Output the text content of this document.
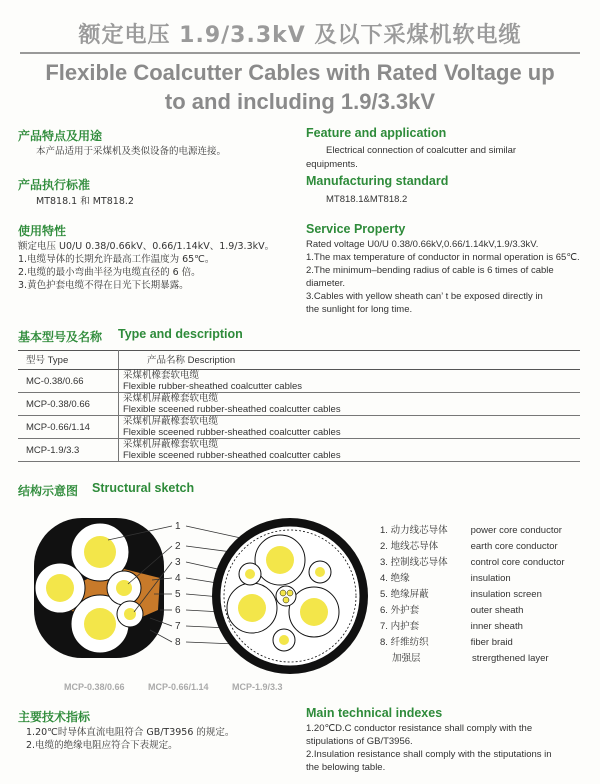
额定电压 1.9/3.3kV 及以下采煤机软电缆
Flexible Coalcutter Cables with Rated Voltage up
to and including 1.9/3.3kV
产品特点及用途
本产品适用于采煤机及类似设备的电源连接。
Feature and application
Electrical connection of coalcutter and similar
equipments.
产品执行标准
MT818.1 和 MT818.2
Manufacturing standard
MT818.1&MT818.2
使用特性
额定电压 U0/U 0.38/0.66kV、0.66/1.14kV、1.9/3.3kV。
1.电缆导体的长期允许最高工作温度为 65℃。
2.电缆的最小弯曲半径为电缆直径的 6 倍。
3.黄色护套电缆不得在日光下长期暴露。
Service Property
Rated voltage U0/U 0.38/0.66kV,0.66/1.14kV,1.9/3.3kV.
1.The max temperature of conductor in normal operation is 65℃.
2.The minimum–bending radius of cable is 6 times of cable
diameter.
3.Cables with yellow sheath can’ t be exposed directly in
the sunlight for long time.
基本型号及名称 Type and description
型号 Type	产品名称 Description
MC-0.38/0.66	采煤机橡套软电缆
Flexible rubber-sheathed coalcutter cables

MCP-0.38/0.66	采煤机屏蔽橡套软电缆
Flexible sceened rubber-sheathed coalcutter cables

MCP-0.66/1.14	采煤机屏蔽橡套软电缆
Flexible sceened rubber-sheathed coalcutter cables

MCP-1.9/3.3	采煤机屏蔽橡套软电缆
Flexible sceened rubber-sheathed coalcutter cables
结构示意图 Structural sketch
1
2
3
4
5
6
7
8
1. 动力线芯导体 power core conductor
2. 地线芯导体	earth core conductor
3. 控制线芯导体 control core conductor
4. 绝缘	insulation
5. 绝缘屏蔽	insulation screen
6. 外护套	outer sheath
7. 内护套	inner sheath
8. 纤维纺织	fiber braid
加强层	strergthened layer
MCP-0.38/0.66	MCP-0.66/1.14	MCP-1.9/3.3
主要技术指标
1.20℃时导体直流电阻符合 GB/T3956 的规定。
2.电缆的绝缘电阻应符合下表规定。
Main technical indexes
1.20℃D.C conductor resistance shall comply with the
stipulations of GB/T3956.
2.Insulation resistance shall comply with the stiputations in
the belowing table.
